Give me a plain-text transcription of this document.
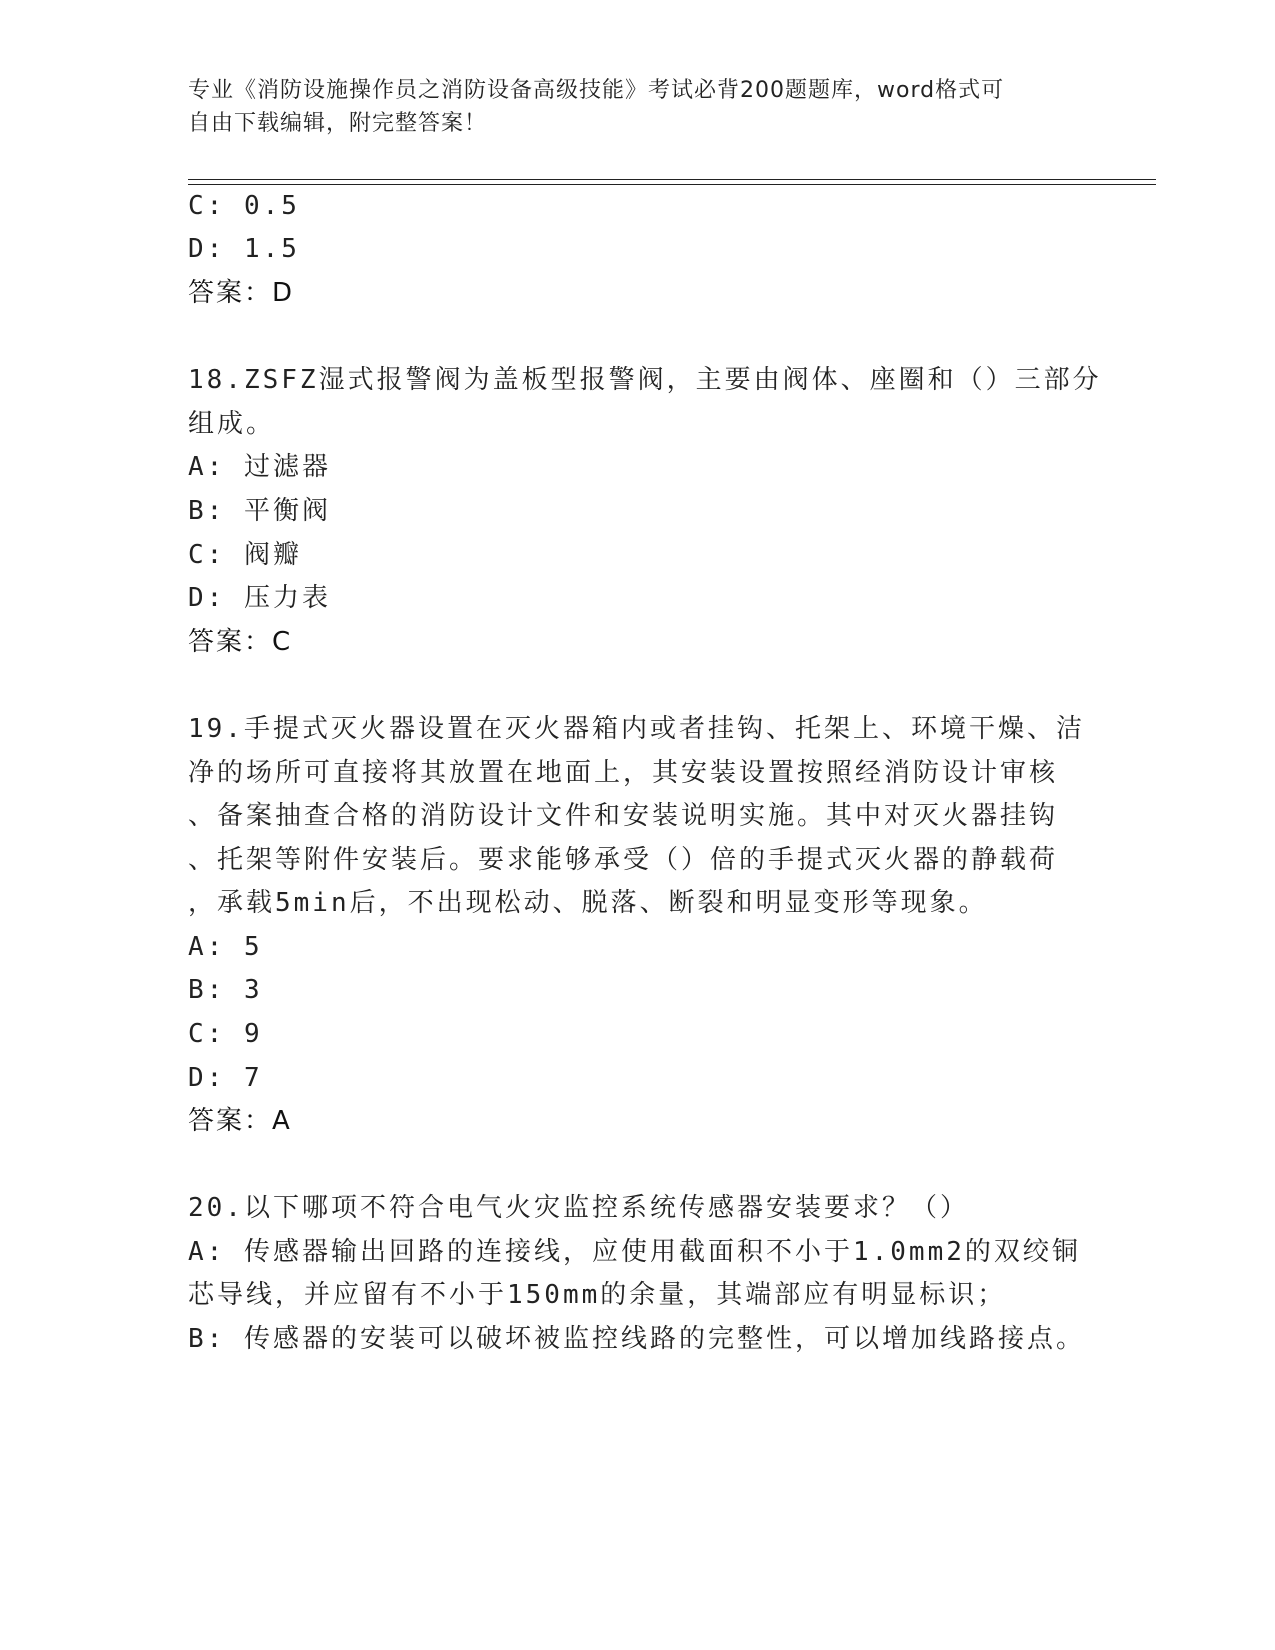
专业《消防设施操作员之消防设备高级技能》考试必背200题题库，word格式可
自由下载编辑，附完整答案！
C: 0.5
D: 1.5
答案：D
18.ZSFZ湿式报警阀为盖板型报警阀，主要由阀体、座圈和（）三部分
组成。
A: 过滤器
B: 平衡阀
C: 阀瓣
D: 压力表
答案：C
19.手提式灭火器设置在灭火器箱内或者挂钩、托架上、环境干燥、洁
净的场所可直接将其放置在地面上，其安装设置按照经消防设计审核
、备案抽查合格的消防设计文件和安装说明实施。其中对灭火器挂钩
、托架等附件安装后。要求能够承受（）倍的手提式灭火器的静载荷
，承载5min后，不出现松动、脱落、断裂和明显变形等现象。
A: 5
B: 3
C: 9
D: 7
答案：A
20.以下哪项不符合电气火灾监控系统传感器安装要求？（）
A: 传感器输出回路的连接线，应使用截面积不小于1.0mm2的双绞铜
芯导线，并应留有不小于150mm的余量，其端部应有明显标识；
B: 传感器的安装可以破坏被监控线路的完整性，可以增加线路接点。
